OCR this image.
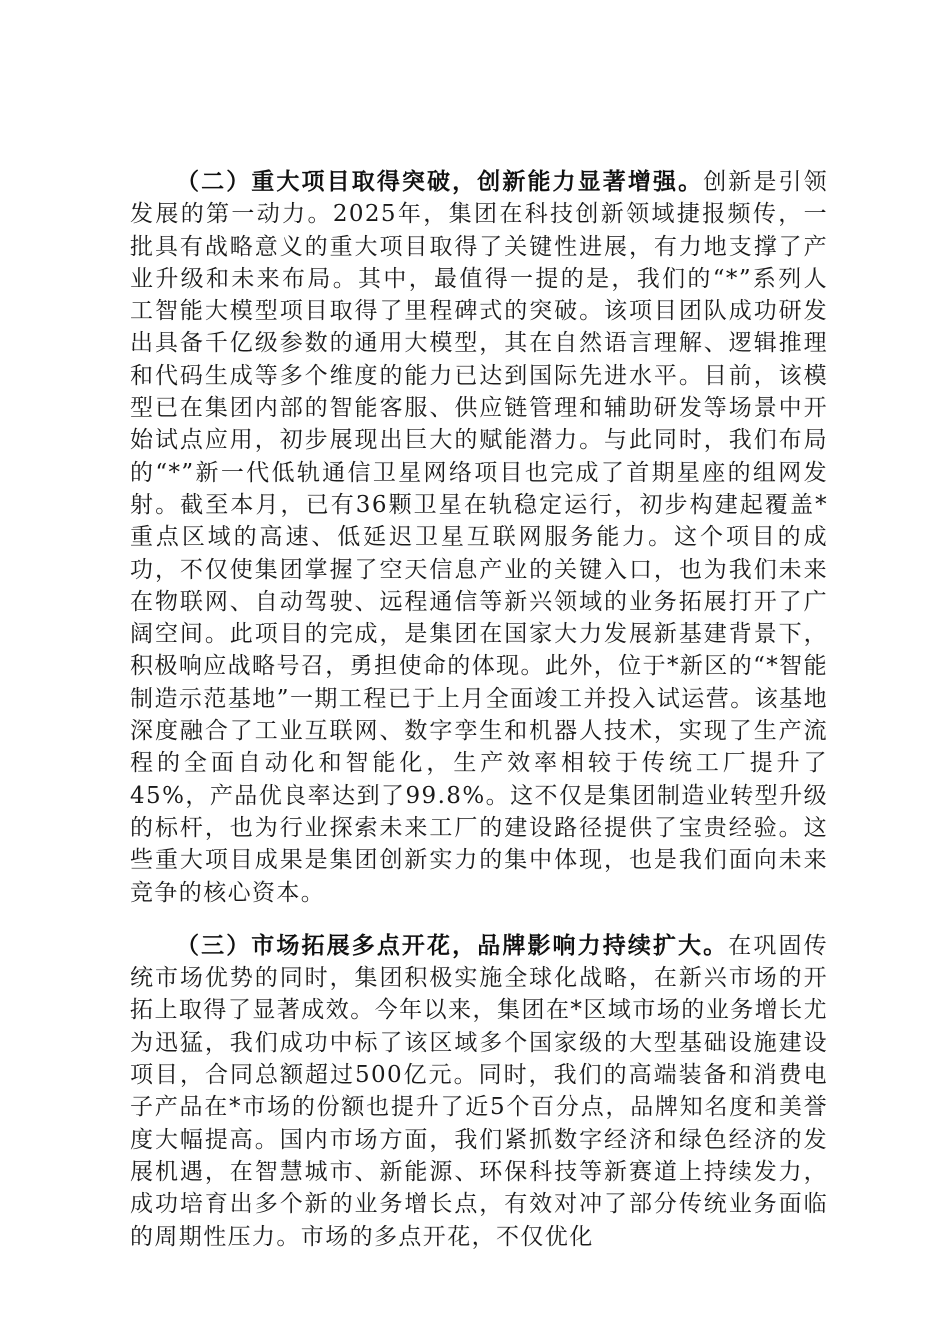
（二）重大项目取得突破，创新能力显著增强。创新是引领发展的第一动力。2025年，集团在科技创新领域捷报频传，一批具有战略意义的重大项目取得了关键性进展，有力地支撑了产业升级和未来布局。其中，最值得一提的是，我们的“*”系列人工智能大模型项目取得了里程碑式的突破。该项目团队成功研发出具备千亿级参数的通用大模型，其在自然语言理解、逻辑推理和代码生成等多个维度的能力已达到国际先进水平。目前，该模型已在集团内部的智能客服、供应链管理和辅助研发等场景中开始试点应用，初步展现出巨大的赋能潜力。与此同时，我们布局的“*”新一代低轨通信卫星网络项目也完成了首期星座的组网发射。截至本月，已有36颗卫星在轨稳定运行，初步构建起覆盖*重点区域的高速、低延迟卫星互联网服务能力。这个项目的成功，不仅使集团掌握了空天信息产业的关键入口，也为我们未来在物联网、自动驾驶、远程通信等新兴领域的业务拓展打开了广阔空间。此项目的完成，是集团在国家大力发展新基建背景下，积极响应战略号召，勇担使命的体现。此外，位于*新区的“*智能制造示范基地”一期工程已于上月全面竣工并投入试运营。该基地深度融合了工业互联网、数字孪生和机器人技术，实现了生产流程的全面自动化和智能化，生产效率相较于传统工厂提升了45%，产品优良率达到了99.8%。这不仅是集团制造业转型升级的标杆，也为行业探索未来工厂的建设路径提供了宝贵经验。这些重大项目成果是集团创新实力的集中体现，也是我们面向未来竞争的核心资本。

（三）市场拓展多点开花，品牌影响力持续扩大。在巩固传统市场优势的同时，集团积极实施全球化战略，在新兴市场的开拓上取得了显著成效。今年以来，集团在*区域市场的业务增长尤为迅猛，我们成功中标了该区域多个国家级的大型基础设施建设项目，合同总额超过500亿元。同时，我们的高端装备和消费电子产品在*市场的份额也提升了近5个百分点，品牌知名度和美誉度大幅提高。国内市场方面，我们紧抓数字经济和绿色经济的发展机遇，在智慧城市、新能源、环保科技等新赛道上持续发力，成功培育出多个新的业务增长点，有效对冲了部分传统业务面临的周期性压力。市场的多点开花，不仅优化
